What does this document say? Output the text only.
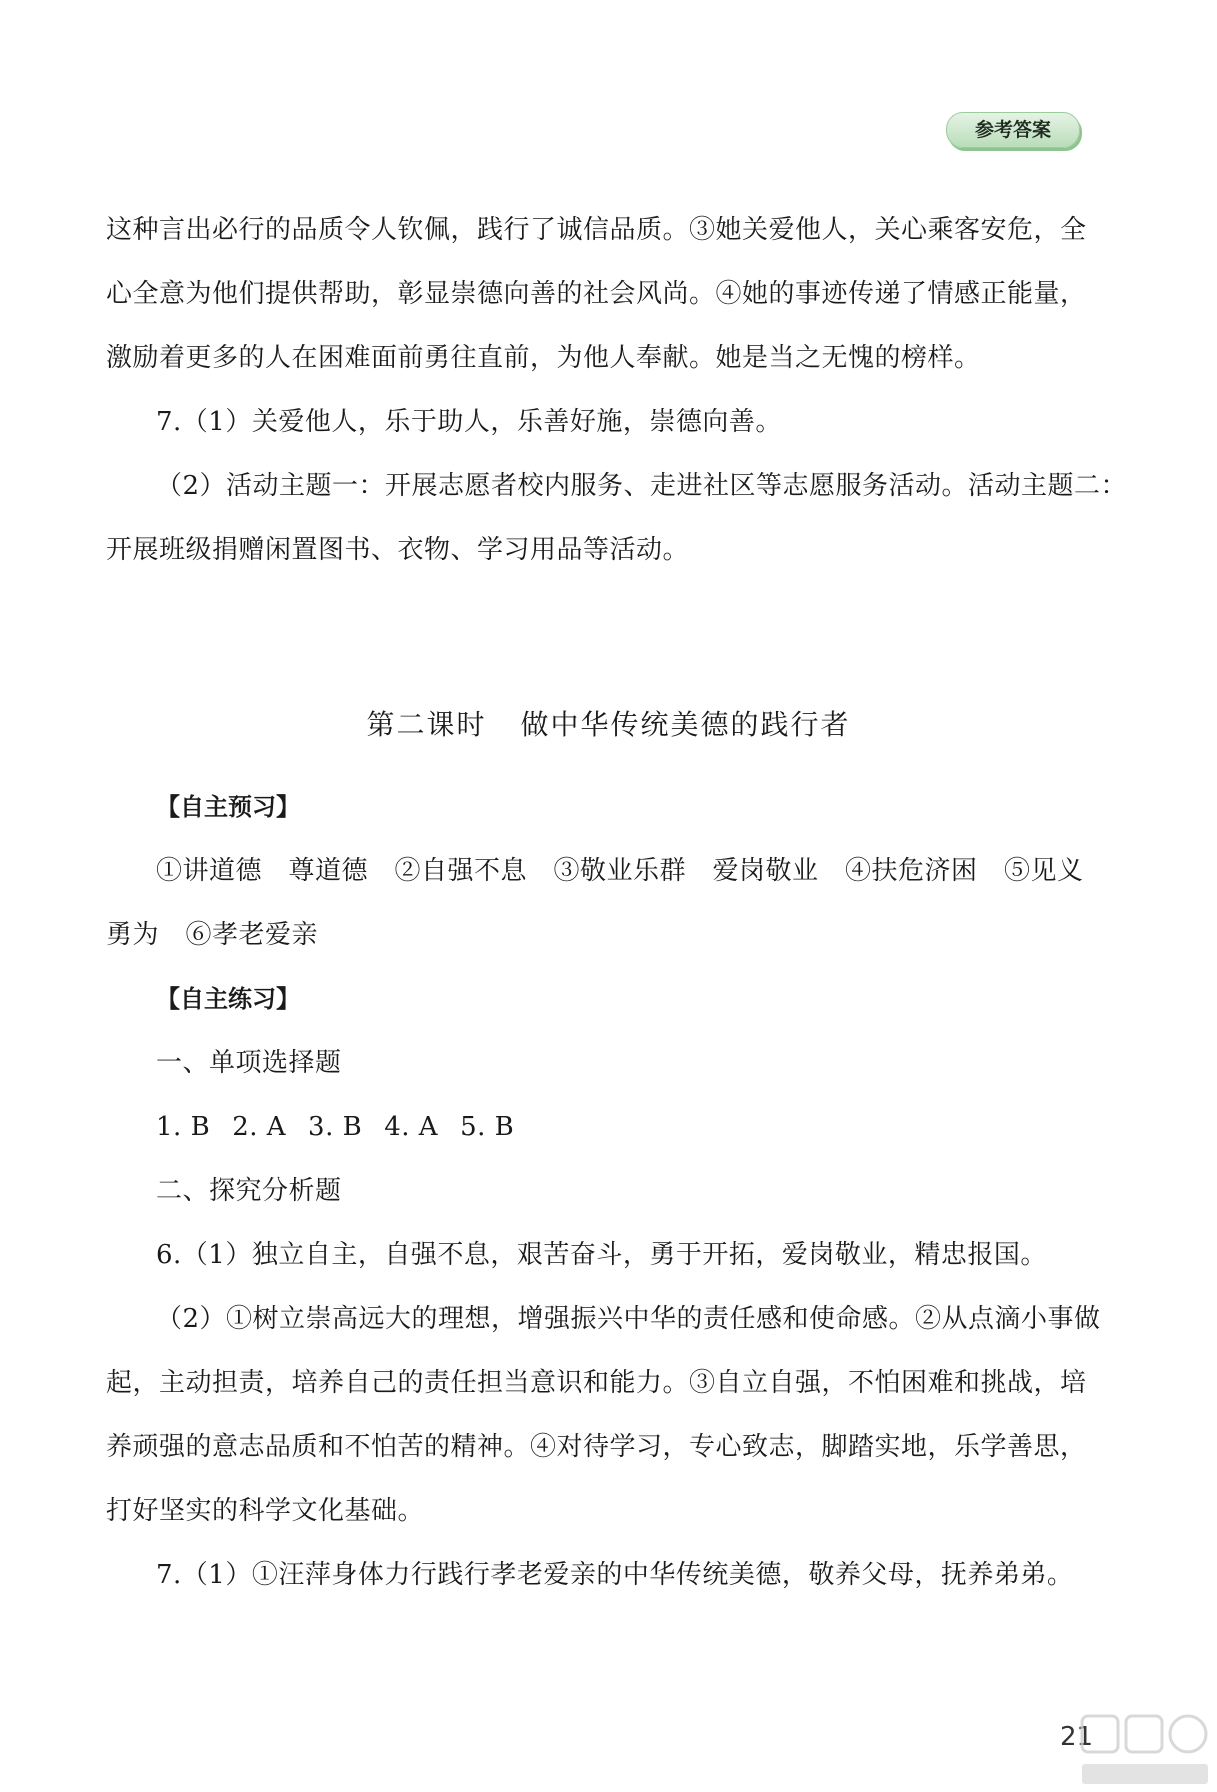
参考答案
这种言出必行的品质令人钦佩，践行了诚信品质。③她关爱他人，关心乘客安危，全
心全意为他们提供帮助，彰显崇德向善的社会风尚。④她的事迹传递了情感正能量，
激励着更多的人在困难面前勇往直前，为他人奉献。她是当之无愧的榜样。
7.（1）关爱他人，乐于助人，乐善好施，崇德向善。
（2）活动主题一：开展志愿者校内服务、走进社区等志愿服务活动。活动主题二：
开展班级捐赠闲置图书、衣物、学习用品等活动。
第二课时 做中华传统美德的践行者
【自主预习】
①讲道德　尊道德　②自强不息　③敬业乐群　爱岗敬业　④扶危济困　⑤见义
勇为　⑥孝老爱亲
【自主练习】
一、单项选择题
1. B 2. A 3. B 4. A 5. B
二、探究分析题
6.（1）独立自主，自强不息，艰苦奋斗，勇于开拓，爱岗敬业，精忠报国。
（2）①树立崇高远大的理想，增强振兴中华的责任感和使命感。②从点滴小事做
起，主动担责，培养自己的责任担当意识和能力。③自立自强，不怕困难和挑战，培
养顽强的意志品质和不怕苦的精神。④对待学习，专心致志，脚踏实地，乐学善思，
打好坚实的科学文化基础。
7.（1）①汪萍身体力行践行孝老爱亲的中华传统美德，敬养父母，抚养弟弟。
21
